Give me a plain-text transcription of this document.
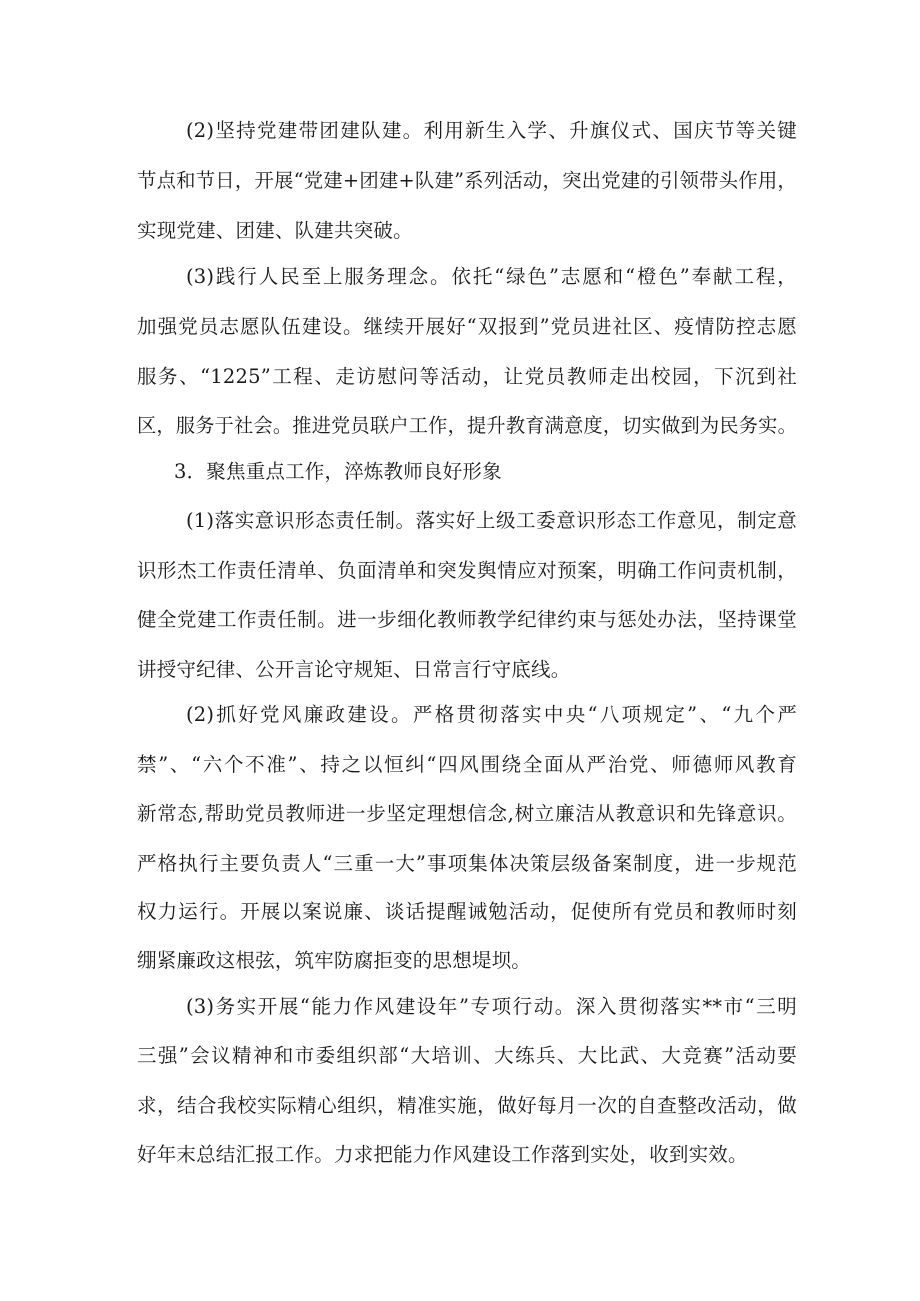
(2)坚持党建带团建队建。利用新生入学、升旗仪式、国庆节等关键
节点和节日，开展“党建+团建+队建”系列活动，突出党建的引领带头作用，
实现党建、团建、队建共突破。
(3)践行人民至上服务理念。依托“绿色”志愿和“橙色”奉献工程，
加强党员志愿队伍建设。继续开展好“双报到”党员进社区、疫情防控志愿
服务、“1225”工程、走访慰问等活动，让党员教师走出校园，下沉到社
区，服务于社会。推进党员联户工作，提升教育满意度，切实做到为民务实。
3．聚焦重点工作，淬炼教师良好形象
(1)落实意识形态责任制。落实好上级工委意识形态工作意见，制定意
识形杰工作责任清单、负面清单和突发舆情应对预案，明确工作问责机制，
健全党建工作责任制。进一步细化教师教学纪律约束与惩处办法，坚持课堂
讲授守纪律、公开言论守规矩、日常言行守底线。
(2)抓好党风廉政建设。严格贯彻落实中央“八项规定”、“九个严
禁”、“六个不准”、持之以恒纠“四风围绕全面从严治党、师德师风教育
新常态,帮助党员教师进一步坚定理想信念,树立廉洁从教意识和先锋意识。
严格执行主要负责人“三重一大”事项集体决策层级备案制度，进一步规范
权力运行。开展以案说廉、谈话提醒诫勉活动，促使所有党员和教师时刻
绷紧廉政这根弦，筑牢防腐拒变的思想堤坝。
(3)务实开展“能力作风建设年”专项行动。深入贯彻落实**市“三明
三强”会议精神和市委组织部“大培训、大练兵、大比武、大竞赛”活动要
求，结合我校实际精心组织，精准实施，做好每月一次的自查整改活动，做
好年末总结汇报工作。力求把能力作风建设工作落到实处，收到实效。
